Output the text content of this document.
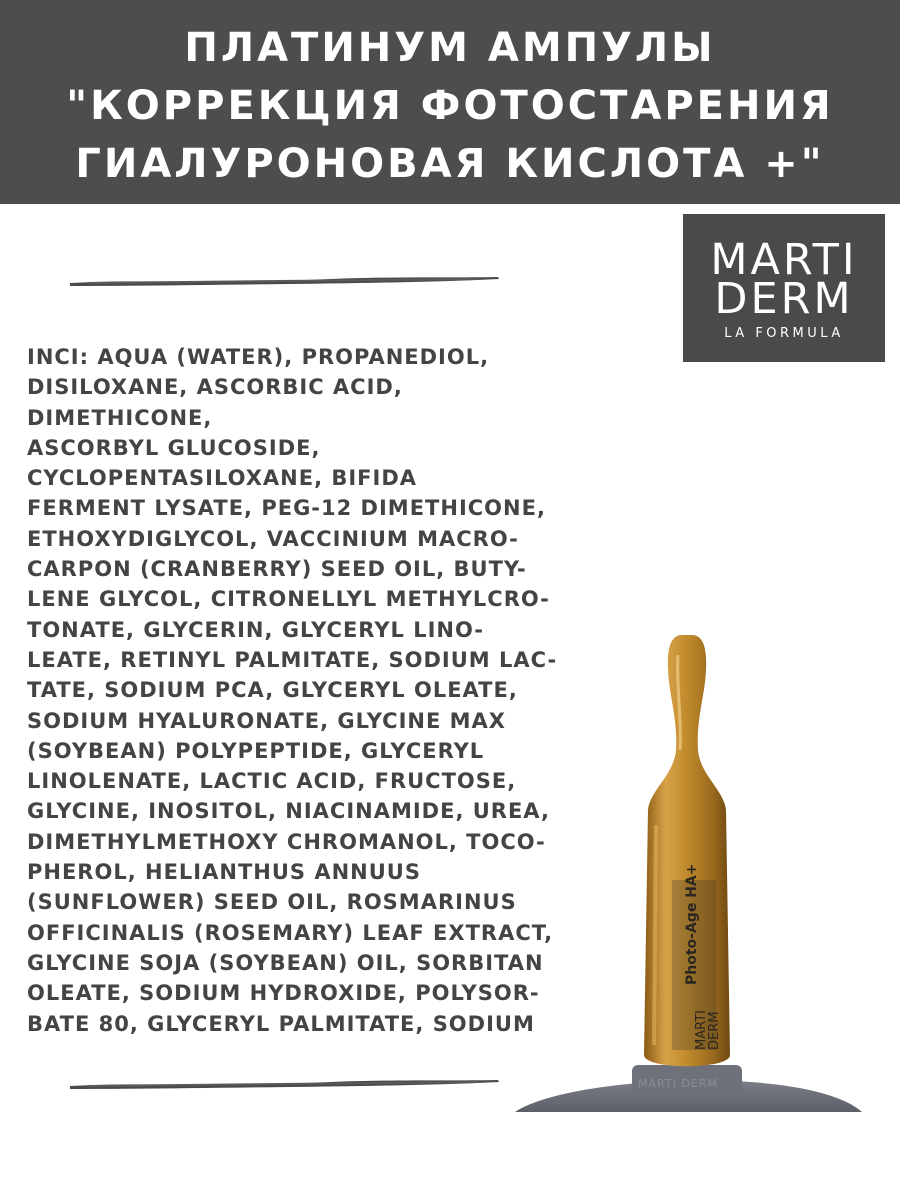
ПЛАТИНУМ АМПУЛЫ
"КОРРЕКЦИЯ ФОТОСТАРЕНИЯ
ГИАЛУРОНОВАЯ КИСЛОТА +"
MARTI
DERM
LA FORMULA
INCI: AQUA (WATER), PROPANEDIOL,
DISILOXANE, ASCORBIC ACID,
DIMETHICONE,
ASCORBYL GLUCOSIDE,
CYCLOPENTASILOXANE, BIFIDA
FERMENT LYSATE, PEG-12 DIMETHICONE,
ETHOXYDIGLYCOL, VACCINIUM MACRO-
CARPON (CRANBERRY) SEED OIL, BUTY-
LENE GLYCOL, CITRONELLYL METHYLCRO-
TONATE, GLYCERIN, GLYCERYL LINO-
LEATE, RETINYL PALMITATE, SODIUM LAC-
TATE, SODIUM PCA, GLYCERYL OLEATE,
SODIUM HYALURONATE, GLYCINE MAX
(SOYBEAN) POLYPEPTIDE, GLYCERYL
LINOLENATE, LACTIC ACID, FRUCTOSE,
GLYCINE, INOSITOL, NIACINAMIDE, UREA,
DIMETHYLMETHOXY CHROMANOL, TOCO-
PHEROL, HELIANTHUS ANNUUS
(SUNFLOWER) SEED OIL, ROSMARINUS
OFFICINALIS (ROSEMARY) LEAF EXTRACT,
GLYCINE SOJA (SOYBEAN) OIL, SORBITAN
OLEATE, SODIUM HYDROXIDE, POLYSOR-
BATE 80, GLYCERYL PALMITATE, SODIUM	MARTI
DERM
Photo-Age HA+
MARTI DERM
